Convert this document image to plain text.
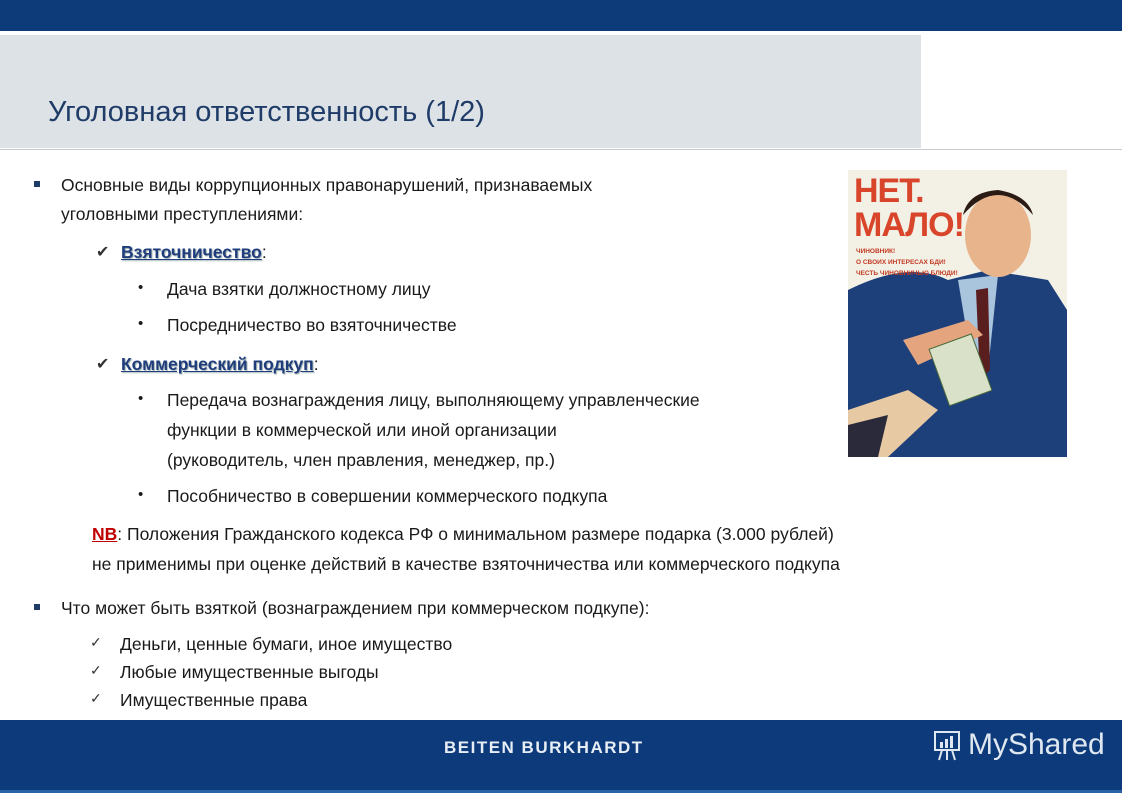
Уголовная ответственность (1/2)
Основные виды коррупционных правонарушений, признаваемых
уголовными преступлениями:
✔ Взяточничество:
• Дача взятки должностному лицу
• Посредничество во взяточничестве
✔ Коммерческий подкуп:
• Передача вознаграждения лицу, выполняющему управленческие
функции в коммерческой или иной организации
(руководитель, член правления, менеджер, пр.)
• Пособничество в совершении коммерческого подкупа
NB: Положения Гражданского кодекса РФ о минимальном размере подарка (3.000 рублей)
не применимы при оценке действий в качестве взяточничества или коммерческого подкупа
Что может быть взяткой (вознаграждением при коммерческом подкупе):
✓ Деньги, ценные бумаги, иное имущество
✓ Любые имущественные выгоды
✓ Имущественные права
НЕТ.
МАЛО!
ЧИНОВНИК!
О СВОИХ ИНТЕРЕСАХ БДИ!
ЧЕСТЬ ЧИНОВНИЧЬЮ БЛЮДИ!
BEITEN BURKHARDT	MyShared
